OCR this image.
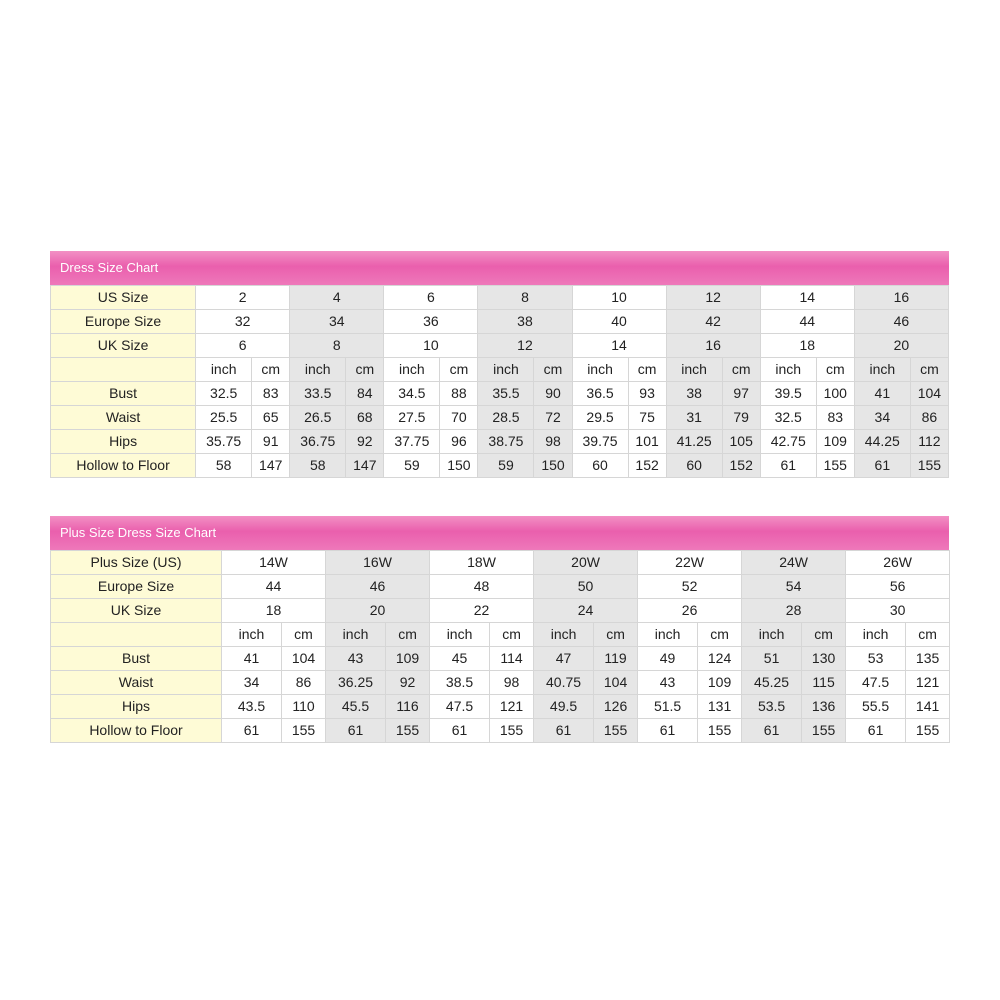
Dress Size Chart
US Size	2		4		6		8		10		12		14		16	
Europe Size	32		34		36		38		40		42		44		46	
UK Size	6		8		10		12		14		16		18		20	
	inch	cm	inch	cm	inch	cm	inch	cm	inch	cm	inch	cm	inch	cm	inch	cm
Bust	32.5	83	33.5	84	34.5	88	35.5	90	36.5	93	38	97	39.5	100	41	104
Waist	25.5	65	26.5	68	27.5	70	28.5	72	29.5	75	31	79	32.5	83	34	86
Hips	35.75	91	36.75	92	37.75	96	38.75	98	39.75	101	41.25	105	42.75	109	44.25	112
Hollow to Floor	58	147	58	147	59	150	59	150	60	152	60	152	61	155	61	155
Plus Size Dress Size Chart
Plus Size (US)	14W		16W		18W		20W		22W		24W		26W	
Europe Size	44		46		48		50		52		54		56	
UK Size	18		20		22		24		26		28		30	
	inch	cm	inch	cm	inch	cm	inch	cm	inch	cm	inch	cm	inch	cm
Bust	41	104	43	109	45	114	47	119	49	124	51	130	53	135
Waist	34	86	36.25	92	38.5	98	40.75	104	43	109	45.25	115	47.5	121
Hips	43.5	110	45.5	116	47.5	121	49.5	126	51.5	131	53.5	136	55.5	141
Hollow to Floor	61	155	61	155	61	155	61	155	61	155	61	155	61	155
